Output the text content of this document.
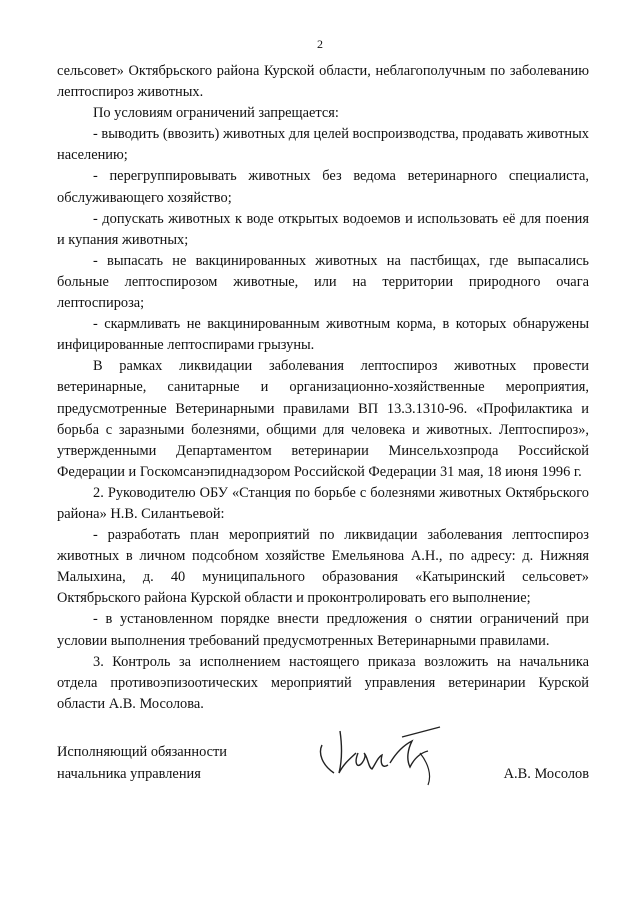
2

сельсовет» Октябрьского района Курской области, неблагополучным по заболеванию лептоспироз животных.

По условиям ограничений запрещается:

- выводить (ввозить) животных для целей воспроизводства, продавать животных населению;

- перегруппировывать животных без ведома ветеринарного специалиста, обслуживающего хозяйство;

- допускать животных к воде открытых водоемов и использовать её для поения и купания животных;

- выпасать не вакцинированных животных на пастбищах, где выпасались больные лептоспирозом животные, или на территории природного очага лептоспироза;

- скармливать не вакцинированным животным корма, в которых обнаружены инфицированные лептоспирами грызуны.

В рамках ликвидации заболевания лептоспироз животных провести ветеринарные, санитарные и организационно-хозяйственные мероприятия, предусмотренные Ветеринарными правилами ВП 13.3.1310-96. «Профилактика и борьба с заразными болезнями, общими для человека и животных. Лептоспироз», утвержденными Департаментом ветеринарии Минсельхозпрода Российской Федерации и Госкомсанэпиднадзором Российской Федерации 31 мая, 18 июня 1996 г.

2. Руководителю ОБУ «Станция по борьбе с болезнями животных Октябрьского района» Н.В. Силантьевой:

- разработать план мероприятий по ликвидации заболевания лептоспироз животных в личном подсобном хозяйстве Емельянова А.Н., по адресу: д. Нижняя Малыхина, д. 40 муниципального образования «Катыринский сельсовет» Октябрьского района Курской области и проконтролировать его выполнение;

- в установленном порядке внести предложения о снятии ограничений при условии выполнения требований предусмотренных Ветеринарными правилами.

3. Контроль за исполнением настоящего приказа возложить на начальника отдела противоэпизоотических мероприятий управления ветеринарии Курской области А.В. Мосолова.

Исполняющий обязанности
начальника управления	А.В. Мосолов
